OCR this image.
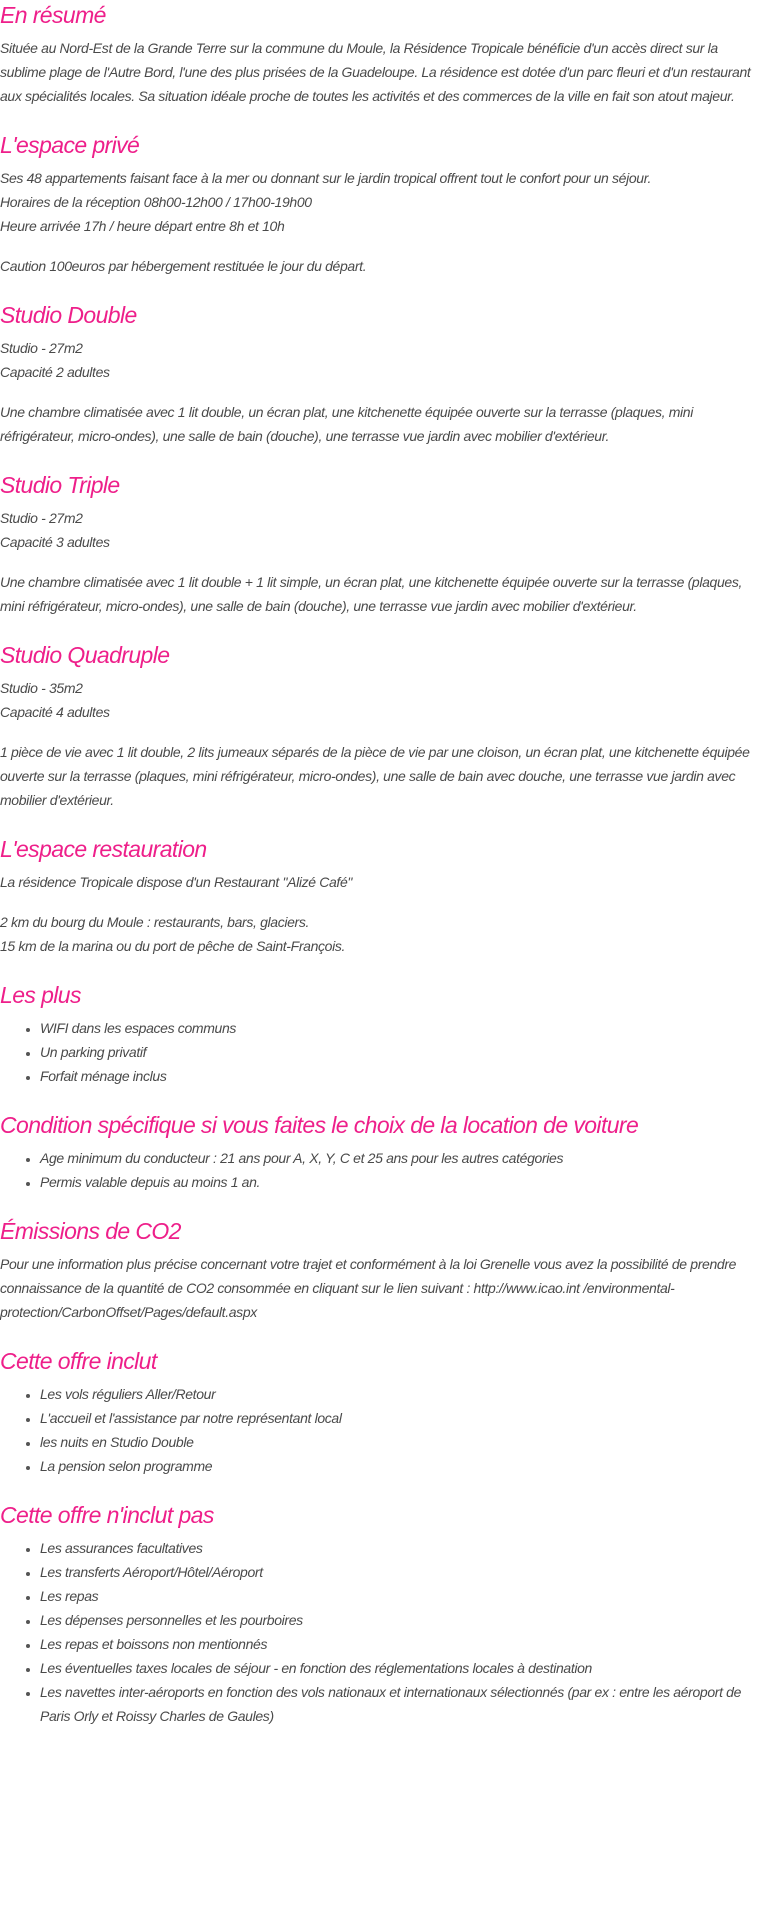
En résumé

Située au Nord-Est de la Grande Terre sur la commune du Moule, la Résidence Tropicale bénéficie d'un accès direct sur la sublime plage de l'Autre Bord, l'une des plus prisées de la Guadeloupe. La résidence est dotée d'un parc fleuri et d'un restaurant aux spécialités locales. Sa situation idéale proche de toutes les activités et des commerces de la ville en fait son atout majeur.

L'espace privé

Ses 48 appartements faisant face à la mer ou donnant sur le jardin tropical offrent tout le confort pour un séjour.

Horaires de la réception 08h00-12h00 / 17h00-19h00

Heure arrivée 17h / heure départ entre 8h et 10h

Caution 100euros par hébergement restituée le jour du départ.

Studio Double

Studio - 27m2

Capacité 2 adultes

Une chambre climatisée avec 1 lit double, un écran plat, une kitchenette équipée ouverte sur la terrasse (plaques, mini réfrigérateur, micro-ondes), une salle de bain (douche), une terrasse vue jardin avec mobilier d'extérieur.

Studio Triple

Studio - 27m2

Capacité 3 adultes

Une chambre climatisée avec 1 lit double + 1 lit simple, un écran plat, une kitchenette équipée ouverte sur la terrasse (plaques, mini réfrigérateur, micro-ondes), une salle de bain (douche), une terrasse vue jardin avec mobilier d'extérieur.

Studio Quadruple

Studio - 35m2

Capacité 4 adultes

1 pièce de vie avec 1 lit double, 2 lits jumeaux séparés de la pièce de vie par une cloison, un écran plat, une kitchenette équipée ouverte sur la terrasse (plaques, mini réfrigérateur, micro-ondes), une salle de bain avec douche, une terrasse vue jardin avec mobilier d'extérieur.

L'espace restauration

La résidence Tropicale dispose d'un Restaurant "Alizé Café"

2 km du bourg du Moule : restaurants, bars, glaciers.

15 km de la marina ou du port de pêche de Saint-François.

Les plus
• WIFI dans les espaces communs
• Un parking privatif
• Forfait ménage inclus
Condition spécifique si vous faites le choix de la location de voiture
• Age minimum du conducteur : 21 ans pour A, X, Y, C et 25 ans pour les autres catégories
• Permis valable depuis au moins 1 an.
Émissions de CO2

Pour une information plus précise concernant votre trajet et conformément à la loi Grenelle vous avez la possibilité de prendre connaissance de la quantité de CO2 consommée en cliquant sur le lien suivant : http://www.icao.int /environmental-protection/CarbonOffset/Pages/default.aspx

Cette offre inclut
• Les vols réguliers Aller/Retour
• L'accueil et l'assistance par notre représentant local
• les nuits en Studio Double
• La pension selon programme
Cette offre n'inclut pas
• Les assurances facultatives
• Les transferts Aéroport/Hôtel/Aéroport
• Les repas
• Les dépenses personnelles et les pourboires
• Les repas et boissons non mentionnés
• Les éventuelles taxes locales de séjour - en fonction des réglementations locales à destination
• Les navettes inter-aéroports en fonction des vols nationaux et internationaux sélectionnés (par ex : entre les aéroport de Paris Orly et Roissy Charles de Gaules)
